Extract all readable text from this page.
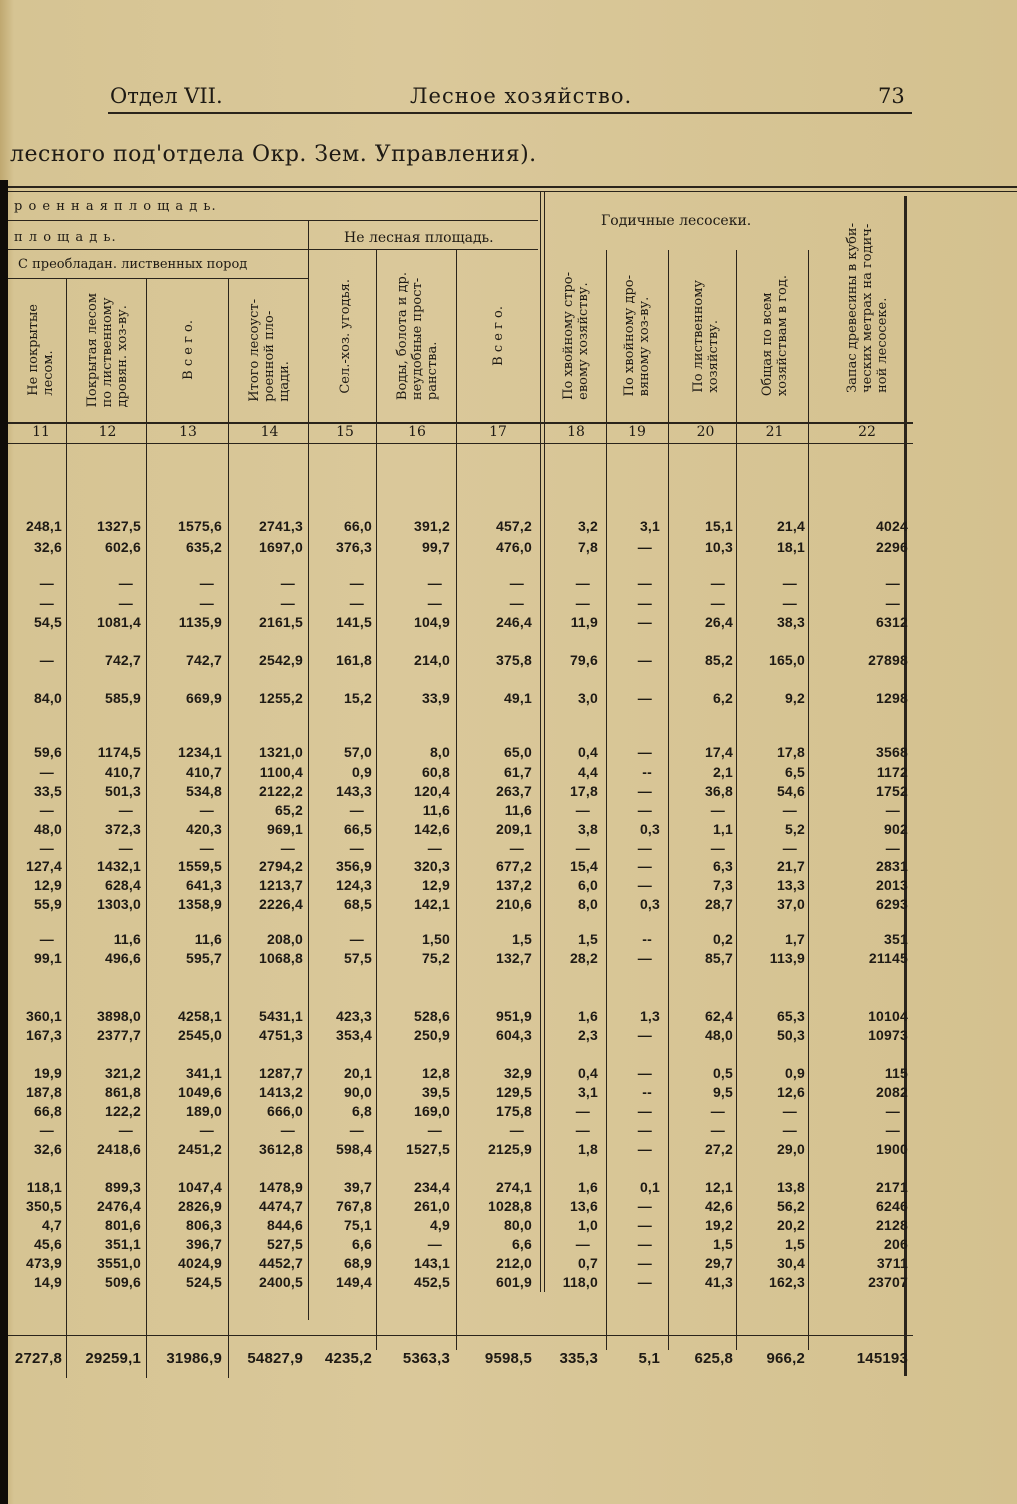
Отдел VII.	Лесное хозяйство.	73
лесного под'отдела Окр. Зем. Управления).
р о е н н а я п л о щ а д ь.
п л о щ а д ь.	Не лесная площадь.
С преобладан. лиственных пород
Годичные лесосеки.
Не покрытые
лесом.
11
Покрытая лесом
по лиственному
дровян. хоз-ву.
12
В с е г о.
13
Итого лесоуст-
роенной пло-
щади.
14
Сел.-хоз. угодья.
15
Воды, болота и др.
неудобные прост-
ранства.
16
В с е г о.
17
По хвойному стро-
евому хозяйству.
18
По хвойному дро-
вяному хоз-ву.
19
По лиственному
хозяйству.
20
Общая по всем
хозяйствам в год.
21
Запас древесины в куби-
ческих метрах на годич-
ной лесосеке.
22
248,1 1327,5	1575,6	2741,3	66,0	391,2	457,2	3,2	3,1	15,1	21,4	4024
32,6	602,6	635,2	1697,0 376,3	99,7	476,0	7,8	—	10,3	18,1	2296
—	—	—	—	—	—	—	—	—	—	—	—
—	—	—	—	—	—	—	—	—	—	—	—
54,5 1081,4	1135,9	2161,5 141,5	104,9	246,4	11,9	—	26,4	38,3	6312
—	742,7	742,7	2542,9 161,8	214,0	375,8	79,6	—	85,2	165,0	27898
84,0	585,9	669,9	1255,2	15,2	33,9	49,1	3,0	—	6,2	9,2	1298
59,6	1174,5	1234,1	1321,0	57,0	8,0	65,0	0,4	—	17,4	17,8	3568
—	410,7	410,7	1100,4	0,9	60,8	61,7	4,4	--	2,1	6,5	1172
33,5	501,3	534,8	2122,2 143,3	120,4	263,7	17,8	—	36,8	54,6	1752
—	—	—	65,2	—	11,6	11,6	—	—	—	—	—
48,0	372,3	420,3	969,1	66,5	142,6	209,1	3,8	0,3	1,1	5,2	902
—	—	—	—	—	—	—	—	—	—	—	—
127,4 1432,1	1559,5	2794,2 356,9	320,3	677,2	15,4	—	6,3	21,7	2831
12,9	628,4	641,3	1213,7 124,3	12,9	137,2	6,0	—	7,3	13,3	2013
55,9 1303,0	1358,9	2226,4	68,5	142,1	210,6	8,0	0,3	28,7	37,0	6293
—	11,6	11,6	208,0	—	1,50	1,5	1,5	--	0,2	1,7	351
99,1	496,6	595,7	1068,8	57,5	75,2	132,7	28,2	—	85,7	113,9	21145
360,1 3898,0	4258,1	5431,1 423,3	528,6	951,9	1,6	1,3	62,4	65,3	10104
167,3 2377,7	2545,0	4751,3 353,4	250,9	604,3	2,3	—	48,0	50,3	10973
19,9	321,2	341,1	1287,7	20,1	12,8	32,9	0,4	—	0,5	0,9	115
187,8	861,8	1049,6	1413,2	90,0	39,5	129,5	3,1	--	9,5	12,6	2082
66,8	122,2	189,0	666,0	6,8	169,0	175,8	—	—	—	—	—
—	—	—	—	—	—	—	—	—	—	—	—
32,6 2418,6	2451,2	3612,8 598,4 1527,5	2125,9	1,8	—	27,2	29,0	1900
118,1	899,3	1047,4	1478,9	39,7	234,4	274,1	1,6	0,1	12,1	13,8	2171
350,5 2476,4	2826,9	4474,7 767,8	261,0	1028,8	13,6	—	42,6	56,2	6246
4,7	801,6	806,3	844,6	75,1	4,9	80,0	1,0	—	19,2	20,2	2128
45,6	351,1	396,7	527,5	6,6	—	6,6	—	—	1,5	1,5	206
473,9 3551,0	4024,9	4452,7	68,9	143,1	212,0	0,7	—	29,7	30,4	3711
14,9	509,6	524,5	2400,5 149,4	452,5	601,9 118,0	—	41,3	162,3	23707
2727,8 29259,1 31986,9 54827,9 4235,2 5363,3 9598,5 335,3	5,1 625,8 966,2	145193
